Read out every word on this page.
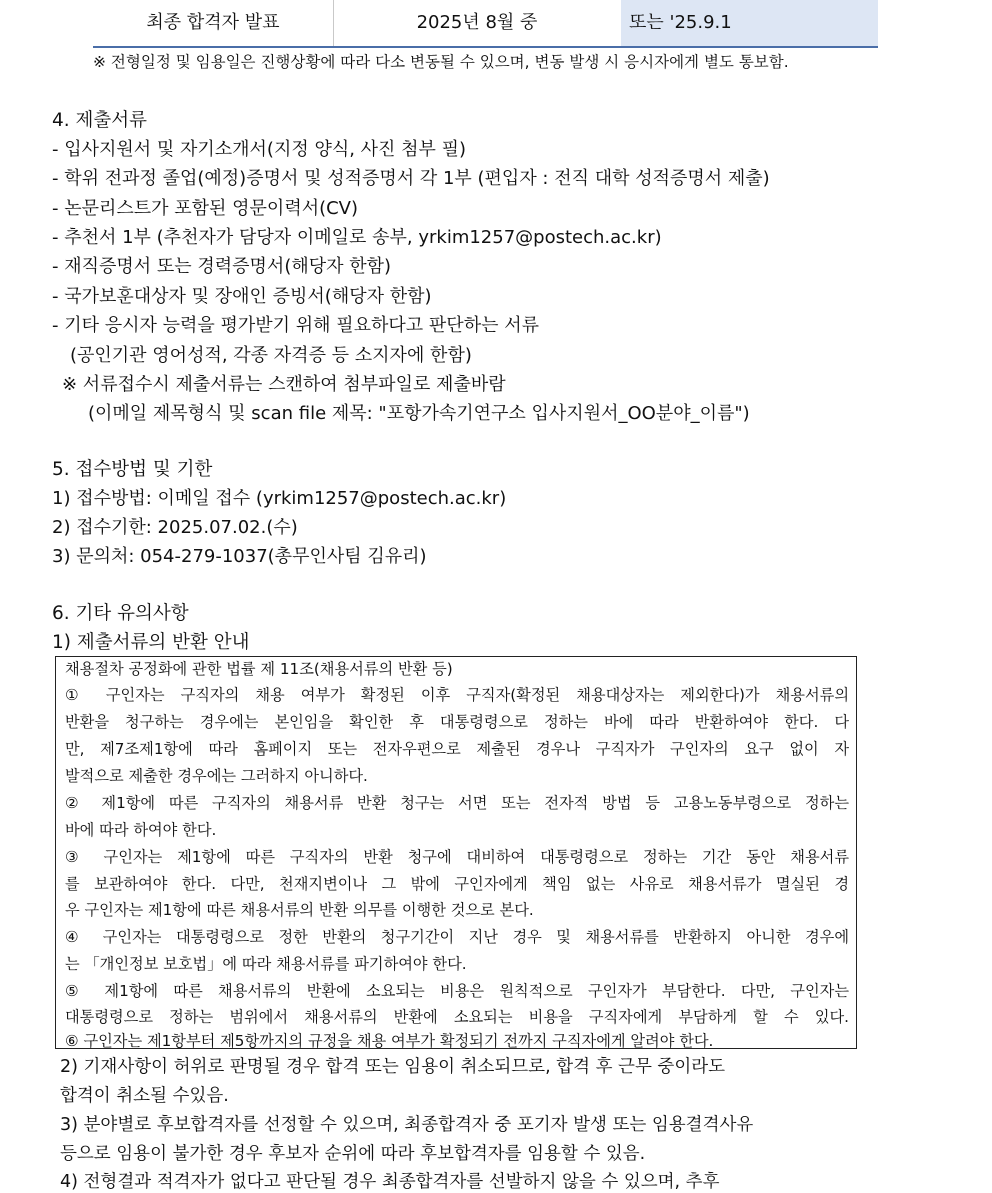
최종 합격자 발표	2025년 8월 중	또는 '25.9.1
※ 전형일정 및 임용일은 진행상황에 따라 다소 변동될 수 있으며, 변동 발생 시 응시자에게 별도 통보함.
4. 제출서류
- 입사지원서 및 자기소개서(지정 양식, 사진 첨부 필)
- 학위 전과정 졸업(예정)증명서 및 성적증명서 각 1부 (편입자 : 전직 대학 성적증명서 제출)
- 논문리스트가 포함된 영문이력서(CV)
- 추천서 1부 (추천자가 담당자 이메일로 송부, yrkim1257@postech.ac.kr)
- 재직증명서 또는 경력증명서(해당자 한함)
- 국가보훈대상자 및 장애인 증빙서(해당자 한함)
- 기타 응시자 능력을 평가받기 위해 필요하다고 판단하는 서류
(공인기관 영어성적, 각종 자격증 등 소지자에 한함)
※ 서류접수시 제출서류는 스캔하여 첨부파일로 제출바람
(이메일 제목형식 및 scan file 제목: "포항가속기연구소 입사지원서_OO분야_이름")
5. 접수방법 및 기한
1) 접수방법: 이메일 접수 (yrkim1257@postech.ac.kr)
2) 접수기한: 2025.07.02.(수)
3) 문의처: 054-279-1037(총무인사팀 김유리)
6. 기타 유의사항
1) 제출서류의 반환 안내
채용절차 공정화에 관한 법률 제 11조(채용서류의 반환 등)
① 구인자는 구직자의 채용 여부가 확정된 이후 구직자(확정된 채용대상자는 제외한다)가 채용서류의
반환을 청구하는 경우에는 본인임을 확인한 후 대통령령으로 정하는 바에 따라 반환하여야 한다. 다
만, 제7조제1항에 따라 홈페이지 또는 전자우편으로 제출된 경우나 구직자가 구인자의 요구 없이 자
발적으로 제출한 경우에는 그러하지 아니하다.
② 제1항에 따른 구직자의 채용서류 반환 청구는 서면 또는 전자적 방법 등 고용노동부령으로 정하는
바에 따라 하여야 한다.
③ 구인자는 제1항에 따른 구직자의 반환 청구에 대비하여 대통령령으로 정하는 기간 동안 채용서류
를 보관하여야 한다. 다만, 천재지변이나 그 밖에 구인자에게 책임 없는 사유로 채용서류가 멸실된 경
우 구인자는 제1항에 따른 채용서류의 반환 의무를 이행한 것으로 본다.
④ 구인자는 대통령령으로 정한 반환의 청구기간이 지난 경우 및 채용서류를 반환하지 아니한 경우에
는 「개인정보 보호법」에 따라 채용서류를 파기하여야 한다.
⑤ 제1항에 따른 채용서류의 반환에 소요되는 비용은 원칙적으로 구인자가 부담한다. 다만, 구인자는
대통령령으로 정하는 범위에서 채용서류의 반환에 소요되는 비용을 구직자에게 부담하게 할 수 있다.
⑥ 구인자는 제1항부터 제5항까지의 규정을 채용 여부가 확정되기 전까지 구직자에게 알려야 한다.
2) 기재사항이 허위로 판명될 경우 합격 또는 임용이 취소되므로, 합격 후 근무 중이라도
합격이 취소될 수있음.
3) 분야별로 후보합격자를 선정할 수 있으며, 최종합격자 중 포기자 발생 또는 임용결격사유
등으로 임용이 불가한 경우 후보자 순위에 따라 후보합격자를 임용할 수 있음.
4) 전형결과 적격자가 없다고 판단될 경우 최종합격자를 선발하지 않을 수 있으며, 추후
